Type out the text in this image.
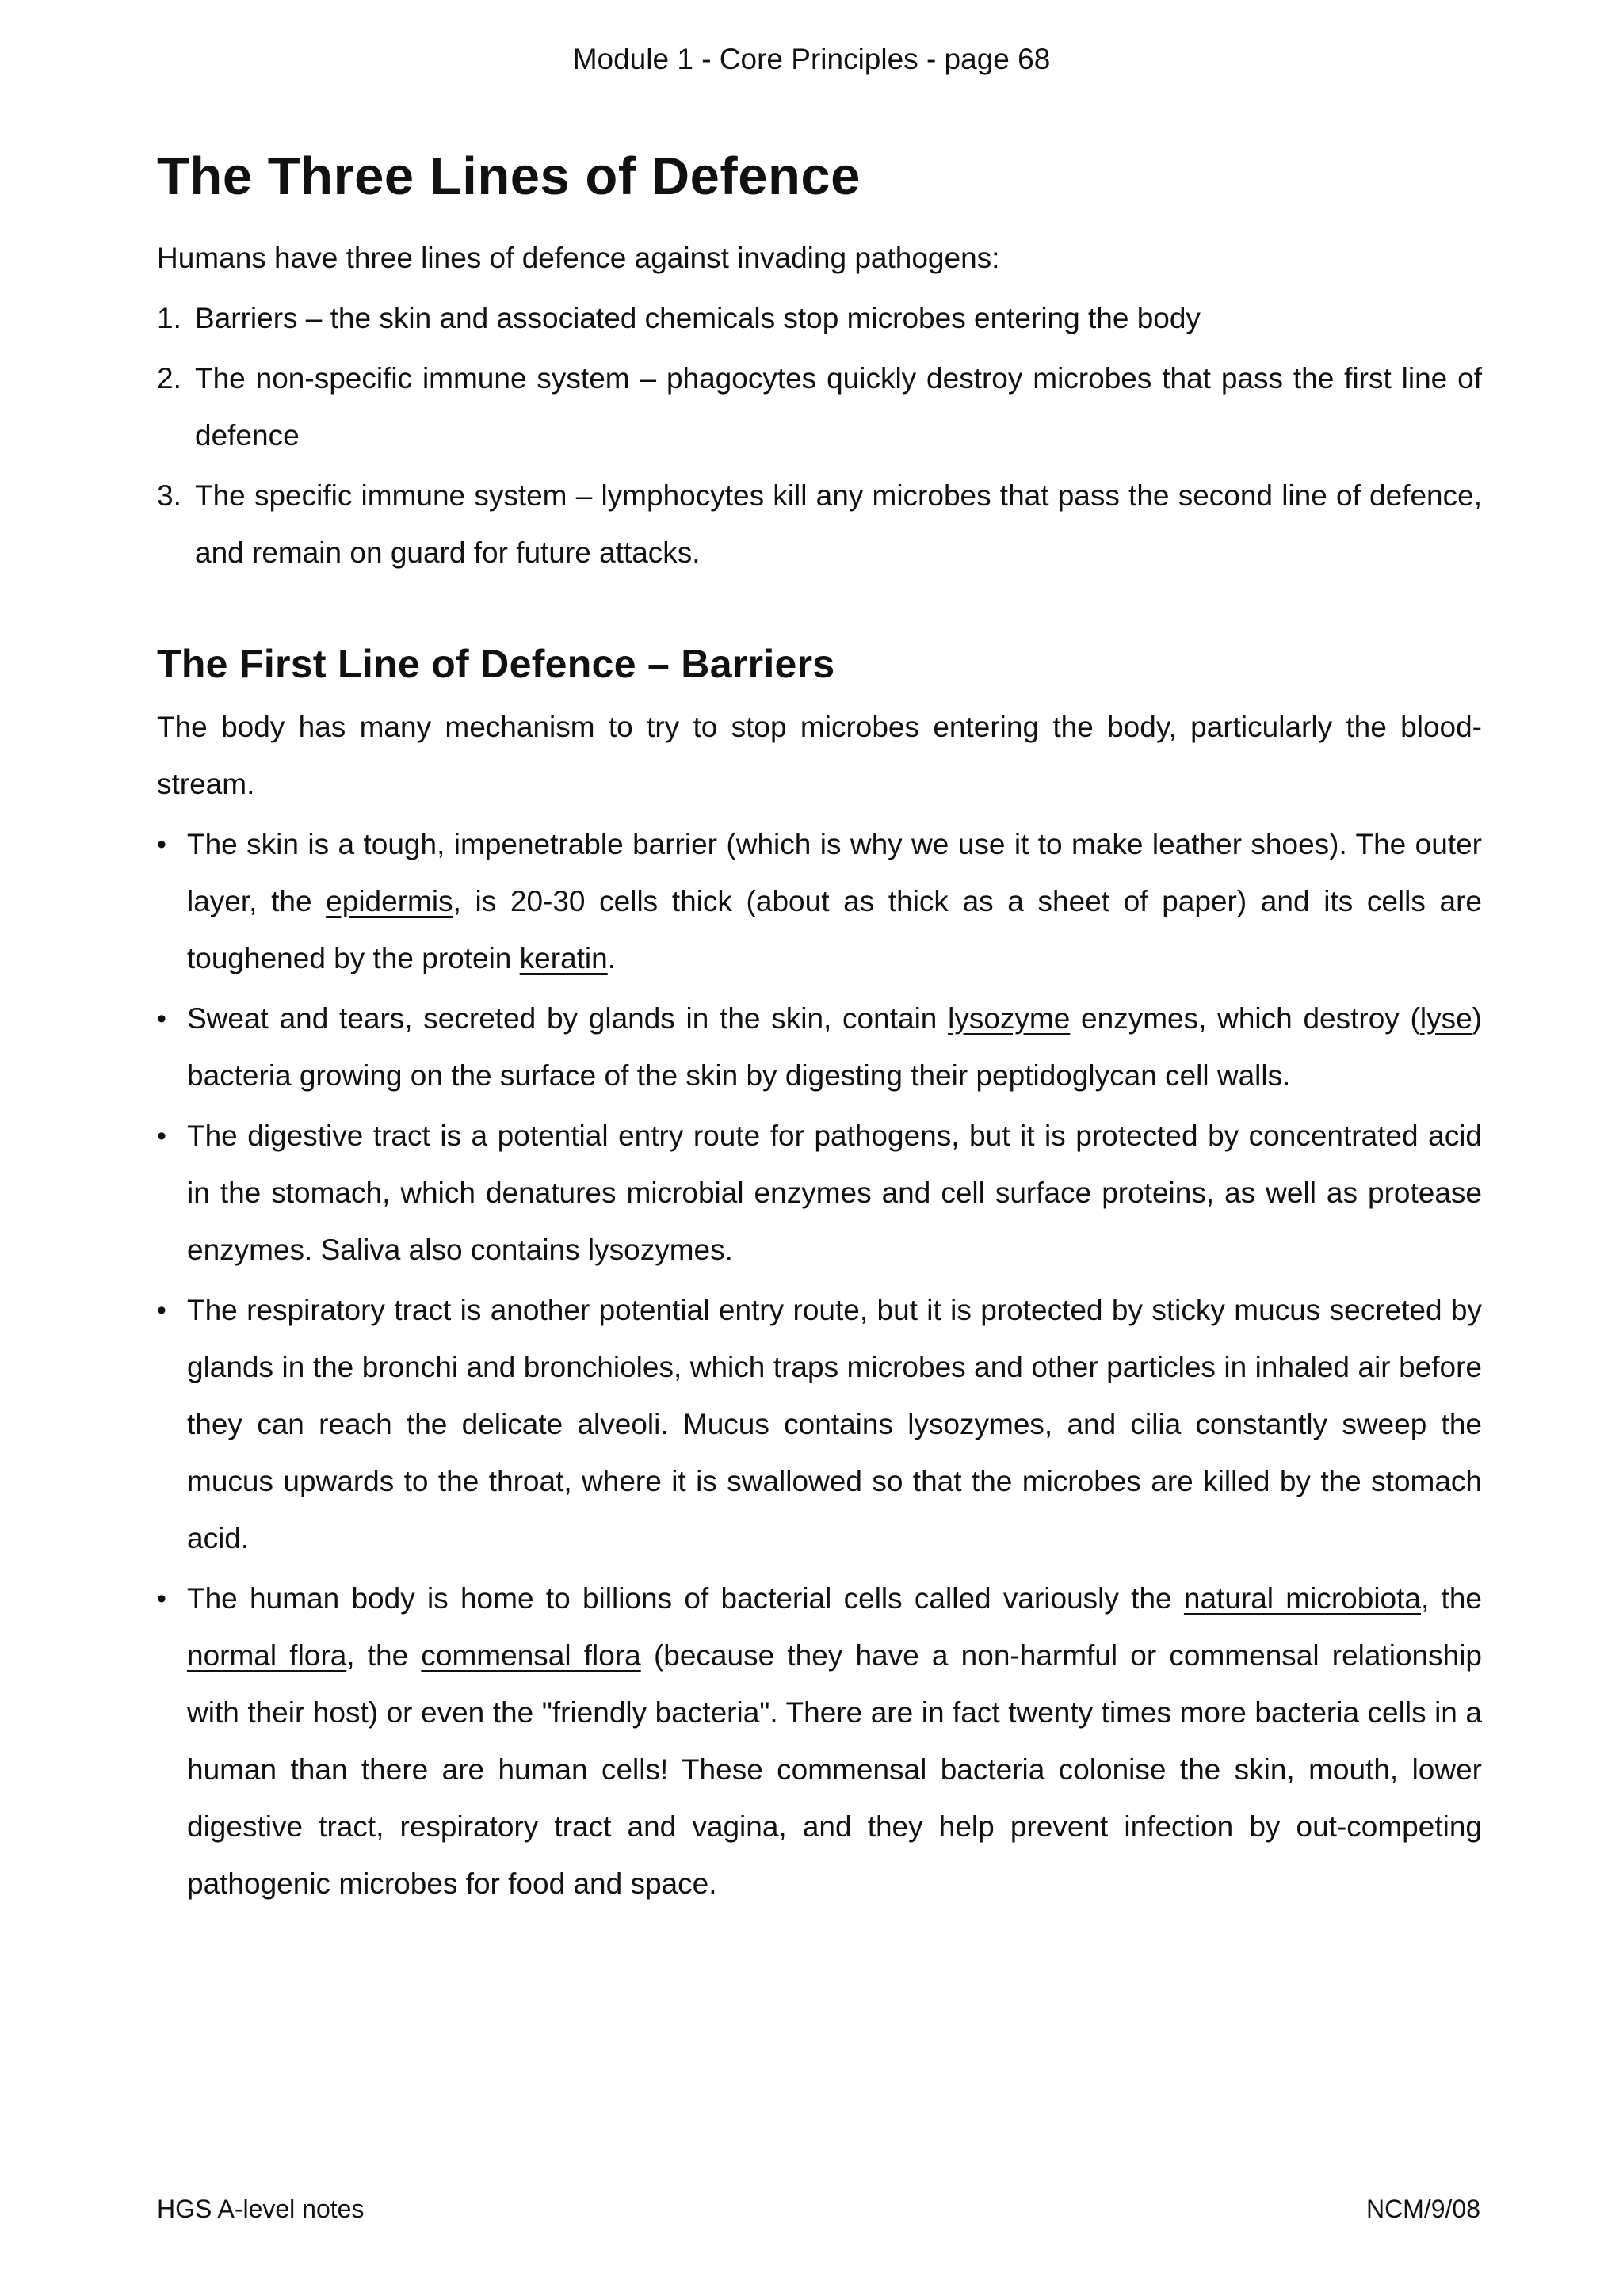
Module 1 - Core Principles - page 68
The Three Lines of Defence

Humans have three lines of defence against invading pathogens:

1. Barriers – the skin and associated chemicals stop microbes entering the body
2. The non-specific immune system – phagocytes quickly destroy microbes that pass the first line of defence
3. The specific immune system – lymphocytes kill any microbes that pass the second line of defence, and remain on guard for future attacks.
The First Line of Defence – Barriers

The body has many mechanism to try to stop microbes entering the body, particularly the bloodstream.

• The skin is a tough, impenetrable barrier (which is why we use it to make leather shoes). The outer layer, the epidermis, is 20-30 cells thick (about as thick as a sheet of paper) and its cells are toughened by the protein keratin.
• Sweat and tears, secreted by glands in the skin, contain lysozyme enzymes, which destroy (lyse) bacteria growing on the surface of the skin by digesting their peptidoglycan cell walls.
• The digestive tract is a potential entry route for pathogens, but it is protected by concentrated acid in the stomach, which denatures microbial enzymes and cell surface proteins, as well as protease enzymes. Saliva also contains lysozymes.
• The respiratory tract is another potential entry route, but it is protected by sticky mucus secreted by glands in the bronchi and bronchioles, which traps microbes and other particles in inhaled air before they can reach the delicate alveoli. Mucus contains lysozymes, and cilia constantly sweep the mucus upwards to the throat, where it is swallowed so that the microbes are killed by the stomach acid.
• The human body is home to billions of bacterial cells called variously the natural microbiota, the normal flora, the commensal flora (because they have a non-harmful or commensal relationship with their host) or even the "friendly bacteria". There are in fact twenty times more bacteria cells in a human than there are human cells! These commensal bacteria colonise the skin, mouth, lower digestive tract, respiratory tract and vagina, and they help prevent infection by out-competing pathogenic microbes for food and space.
HGS A-level notes	NCM/9/08
